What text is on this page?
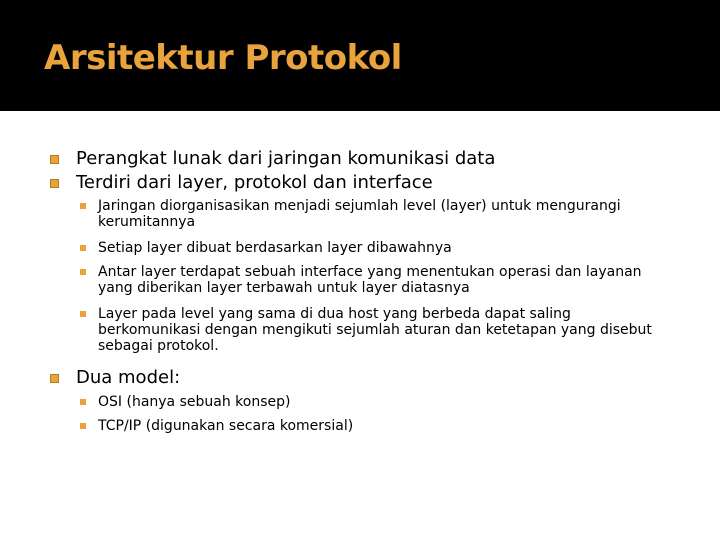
Arsitektur Protokol
Perangkat lunak dari jaringan komunikasi data
Terdiri dari layer, protokol dan interface
Jaringan diorganisasikan menjadi sejumlah level (layer) untuk mengurangi kerumitannya
Setiap layer dibuat berdasarkan layer dibawahnya
Antar layer terdapat sebuah interface yang menentukan operasi dan layanan yang diberikan layer terbawah untuk layer diatasnya
Layer pada level yang sama di dua host yang berbeda dapat saling berkomunikasi dengan mengikuti sejumlah aturan dan ketetapan yang disebut sebagai protokol.
Dua model:
OSI (hanya sebuah konsep)
TCP/IP (digunakan secara komersial)
